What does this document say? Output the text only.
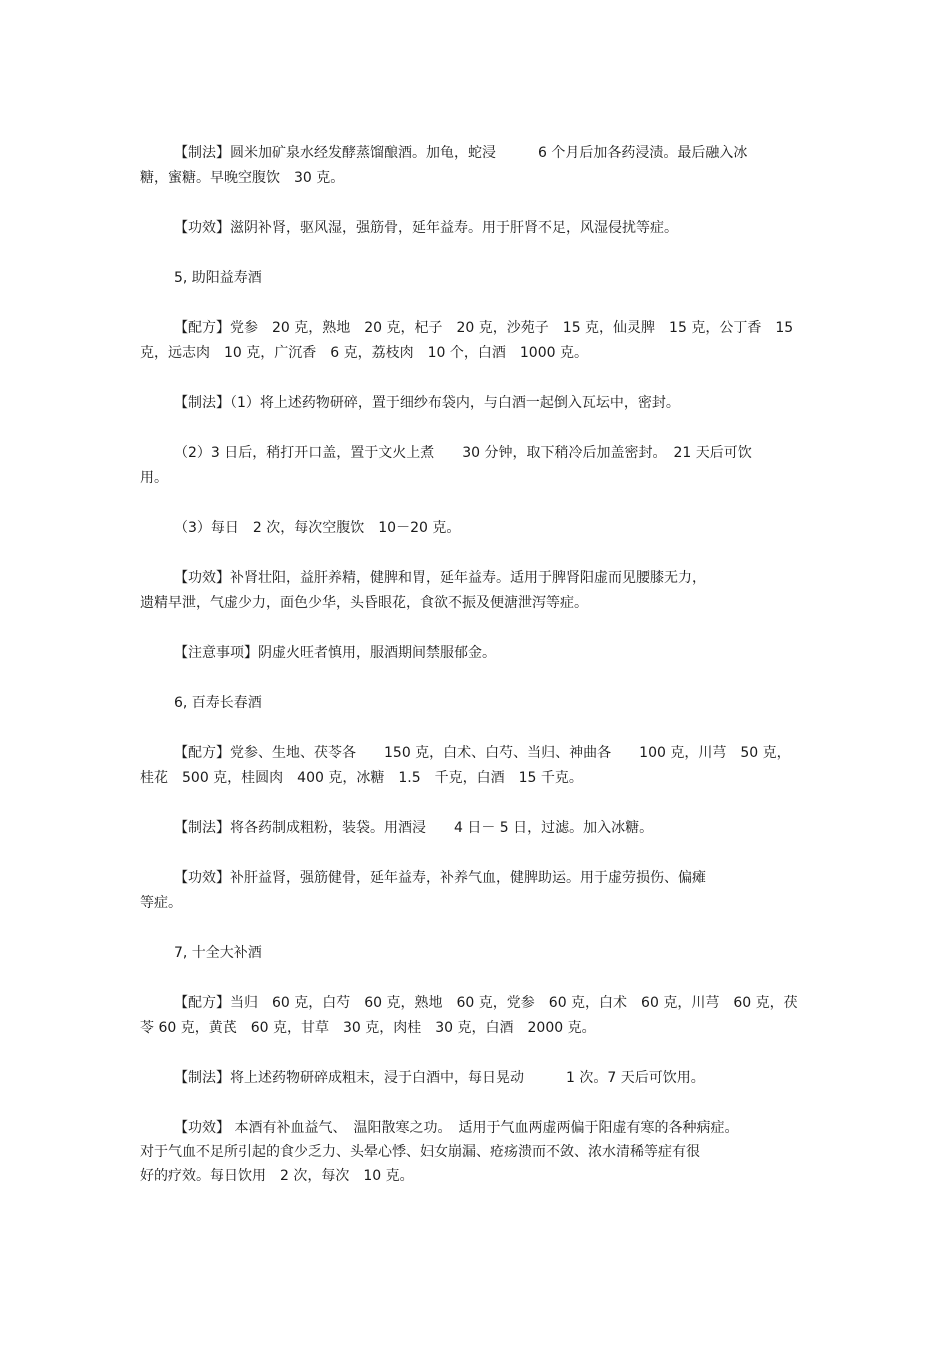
【制法】圆米加矿泉水经发酵蒸馏酿酒。加龟，蛇浸　　　6 个月后加各药浸渍。最后融入冰

糖，蜜糖。早晚空腹饮　30 克。

【功效】滋阴补肾，驱风湿，强筋骨，延年益寿。用于肝肾不足，风湿侵扰等症。

5, 助阳益寿酒

【配方】党参　20 克，熟地　20 克，杞子　20 克，沙苑子　15 克，仙灵脾　15 克，公丁香　15

克，远志肉　10 克，广沉香　6 克，荔枝肉　10 个，白酒　1000 克。

【制法】（1）将上述药物研碎，置于细纱布袋内，与白酒一起倒入瓦坛中，密封。

（2）3 日后，稍打开口盖，置于文火上煮　　30 分钟，取下稍冷后加盖密封。　21 天后可饮

用。

（3）每日　2 次，每次空腹饮　10－20 克。

【功效】补肾壮阳，益肝养精，健脾和胃，延年益寿。适用于脾肾阳虚而见腰膝无力，

遗精早泄，气虚少力，面色少华，头昏眼花，食欲不振及便溏泄泻等症。

【注意事项】阴虚火旺者慎用，服酒期间禁服郁金。

6, 百寿长春酒

【配方】党参、生地、茯苓各　　150 克，白术、白芍、当归、神曲各　　100 克，川芎　50 克，

桂花　500 克，桂圆肉　400 克，冰糖　1.5　千克，白酒　15 千克。

【制法】将各药制成粗粉，装袋。用酒浸　　4 日－ 5 日，过滤。加入冰糖。

【功效】补肝益肾，强筋健骨，延年益寿，补养气血，健脾助运。用于虚劳损伤、偏瘫

等症。

7, 十全大补酒

【配方】当归　60 克，白芍　60 克，熟地　60 克，党参　60 克，白术　60 克，川芎　60 克，茯

苓 60 克，黄芪　60 克，甘草　30 克，肉桂　30 克，白酒　2000 克。

【制法】将上述药物研碎成粗末，浸于白酒中，每日晃动　　　1 次。7 天后可饮用。

【功效】 本酒有补血益气、　温阳散寒之功。　适用于气血两虚两偏于阳虚有寒的各种病症。

对于气血不足所引起的食少乏力、头晕心悸、妇女崩漏、疮疡溃而不敛、浓水清稀等症有很

好的疗效。每日饮用　2 次，每次　10 克。
